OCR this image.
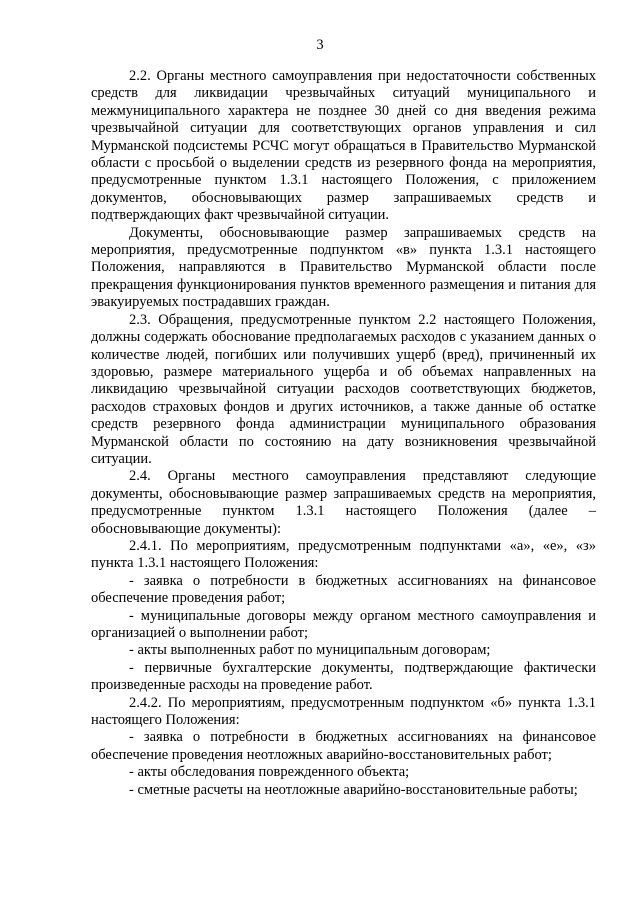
3

2.2. Органы местного самоуправления при недостаточности собственных средств для ликвидации чрезвычайных ситуаций муниципального и межмуниципального характера не позднее 30 дней со дня введения режима чрезвычайной ситуации для соответствующих органов управления и сил Мурманской подсистемы РСЧС могут обращаться в Правительство Мурманской области с просьбой о выделении средств из резервного фонда на мероприятия, предусмотренные пунктом 1.3.1 настоящего Положения, с приложением документов, обосновывающих размер запрашиваемых средств и подтверждающих факт чрезвычайной ситуации.

Документы, обосновывающие размер запрашиваемых средств на мероприятия, предусмотренные подпунктом «в» пункта 1.3.1 настоящего Положения, направляются в Правительство Мурманской области после прекращения функционирования пунктов временного размещения и питания для эвакуируемых пострадавших граждан.

2.3. Обращения, предусмотренные пунктом 2.2 настоящего Положения, должны содержать обоснование предполагаемых расходов с указанием данных о количестве людей, погибших или получивших ущерб (вред), причиненный их здоровью, размере материального ущерба и об объемах направленных на ликвидацию чрезвычайной ситуации расходов соответствующих бюджетов, расходов страховых фондов и других источников, а также данные об остатке средств резервного фонда администрации муниципального образования Мурманской области по состоянию на дату возникновения чрезвычайной ситуации.

2.4. Органы местного самоуправления представляют следующие документы, обосновывающие размер запрашиваемых средств на мероприятия, предусмотренные пунктом 1.3.1 настоящего Положения (далее – обосновывающие документы):

2.4.1. По мероприятиям, предусмотренным подпунктами «а», «е», «з» пункта 1.3.1 настоящего Положения:

- заявка о потребности в бюджетных ассигнованиях на финансовое обеспечение проведения работ;

- муниципальные договоры между органом местного самоуправления и организацией о выполнении работ;

- акты выполненных работ по муниципальным договорам;

- первичные бухгалтерские документы, подтверждающие фактически произведенные расходы на проведение работ.

2.4.2. По мероприятиям, предусмотренным подпунктом «б» пункта 1.3.1 настоящего Положения:

- заявка о потребности в бюджетных ассигнованиях на финансовое обеспечение проведения неотложных аварийно-восстановительных работ;

- акты обследования поврежденного объекта;

- сметные расчеты на неотложные аварийно-восстановительные работы;
